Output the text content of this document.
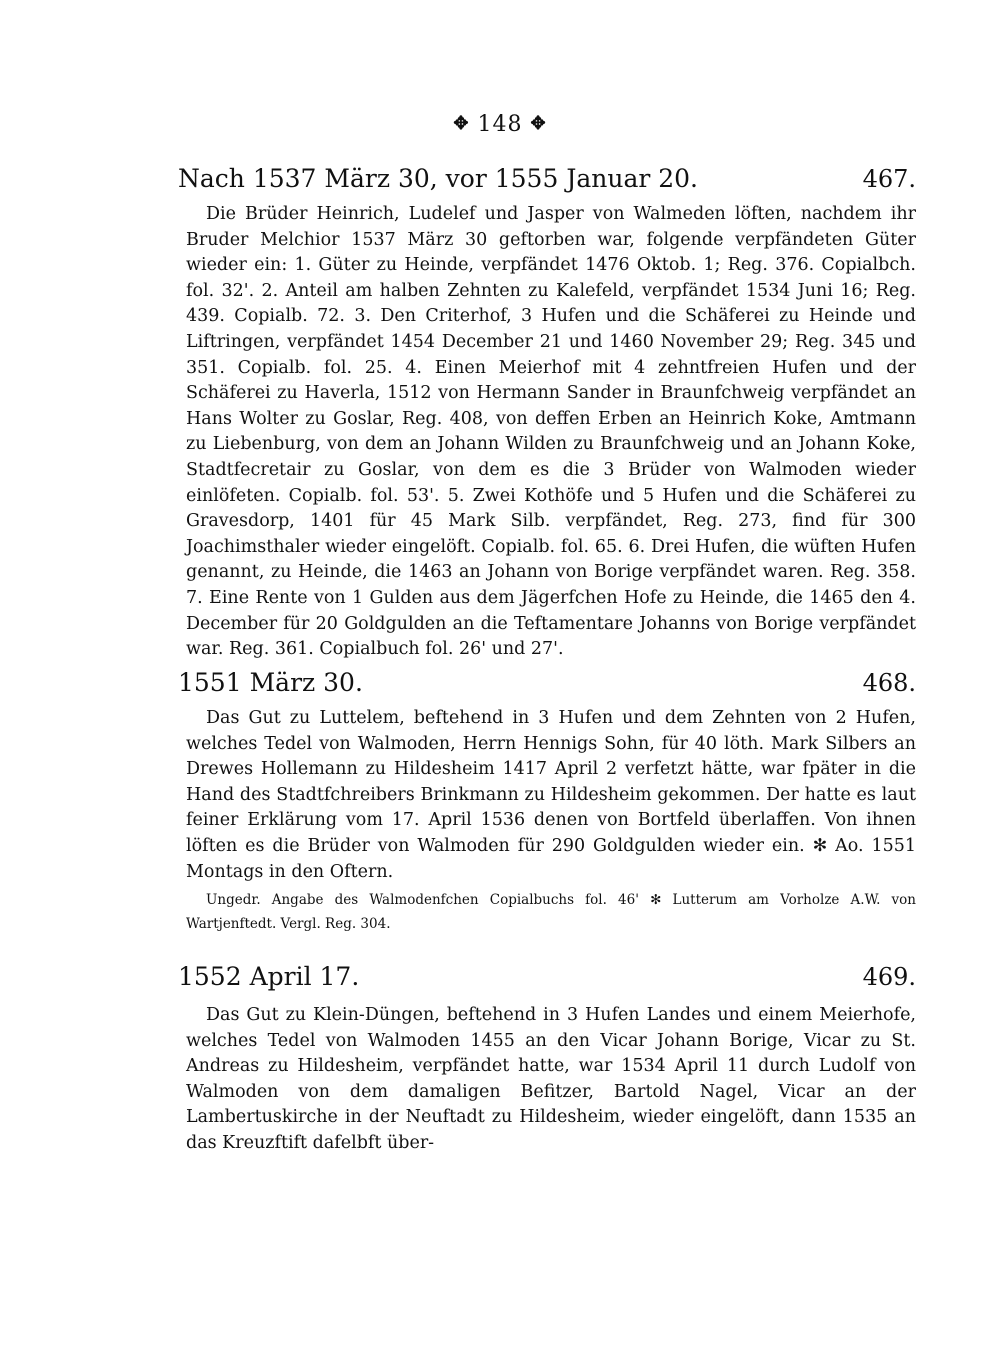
✥ 148 ✥
Nach 1537 März 30, vor 1555 Januar 20.	467.

Die Brüder Heinrich, Ludelef und Jasper von Walmeden löften, nachdem ihr Bruder Melchior 1537 März 30 geftorben war, folgende verpfändeten Güter wieder ein: 1. Güter zu Heinde, verpfändet 1476 Oktob. 1; Reg. 376. Copialbch. fol. 32'. 2. Anteil am halben Zehnten zu Kalefeld, verpfändet 1534 Juni 16; Reg. 439. Copialb. 72. 3. Den Criterhof, 3 Hufen und die Schäferei zu Heinde und Liftringen, verpfändet 1454 December 21 und 1460 November 29; Reg. 345 und 351. Copialb. fol. 25. 4. Einen Meierhof mit 4 zehntfreien Hufen und der Schäferei zu Haverla, 1512 von Hermann Sander in Braunfchweig verpfändet an Hans Wolter zu Goslar, Reg. 408, von deffen Erben an Heinrich Koke, Amtmann zu Liebenburg, von dem an Johann Wilden zu Braunfchweig und an Johann Koke, Stadtfecretair zu Goslar, von dem es die 3 Brüder von Walmoden wieder einlöfeten. Copialb. fol. 53'. 5. Zwei Kothöfe und 5 Hufen und die Schäferei zu Gravesdorp, 1401 für 45 Mark Silb. verpfändet, Reg. 273, find für 300 Joachimsthaler wieder eingelöft. Copialb. fol. 65. 6. Drei Hufen, die wüften Hufen genannt, zu Heinde, die 1463 an Johann von Borige verpfändet waren. Reg. 358. 7. Eine Rente von 1 Gulden aus dem Jägerfchen Hofe zu Heinde, die 1465 den 4. December für 20 Goldgulden an die Teftamentare Johanns von Borige verpfändet war. Reg. 361. Copialbuch fol. 26' und 27'.

1551 März 30.	468.

Das Gut zu Luttelem, beftehend in 3 Hufen und dem Zehnten von 2 Hufen, welches Tedel von Walmoden, Herrn Hennigs Sohn, für 40 löth. Mark Silbers an Drewes Hollemann zu Hildesheim 1417 April 2 verfetzt hätte, war fpäter in die Hand des Stadtfchreibers Brinkmann zu Hildesheim gekommen. Der hatte es laut feiner Erklärung vom 17. April 1536 denen von Bortfeld überlaffen. Von ihnen löften es die Brüder von Walmoden für 290 Goldgulden wieder ein. ✻ Ao. 1551 Montags in den Oftern.

Ungedr. Angabe des Walmodenfchen Copialbuchs fol. 46' ✻ Lutterum am Vorholze A.W. von Wartjenftedt. Vergl. Reg. 304.

1552 April 17.	469.

Das Gut zu Klein-Düngen, beftehend in 3 Hufen Landes und einem Meierhofe, welches Tedel von Walmoden 1455 an den Vicar Johann Borige, Vicar zu St. Andreas zu Hildesheim, verpfändet hatte, war 1534 April 11 durch Ludolf von Walmoden von dem damaligen Befitzer, Bartold Nagel, Vicar an der Lambertuskirche in der Neuftadt zu Hildesheim, wieder eingelöft, dann 1535 an das Kreuzftift dafelbft über-
